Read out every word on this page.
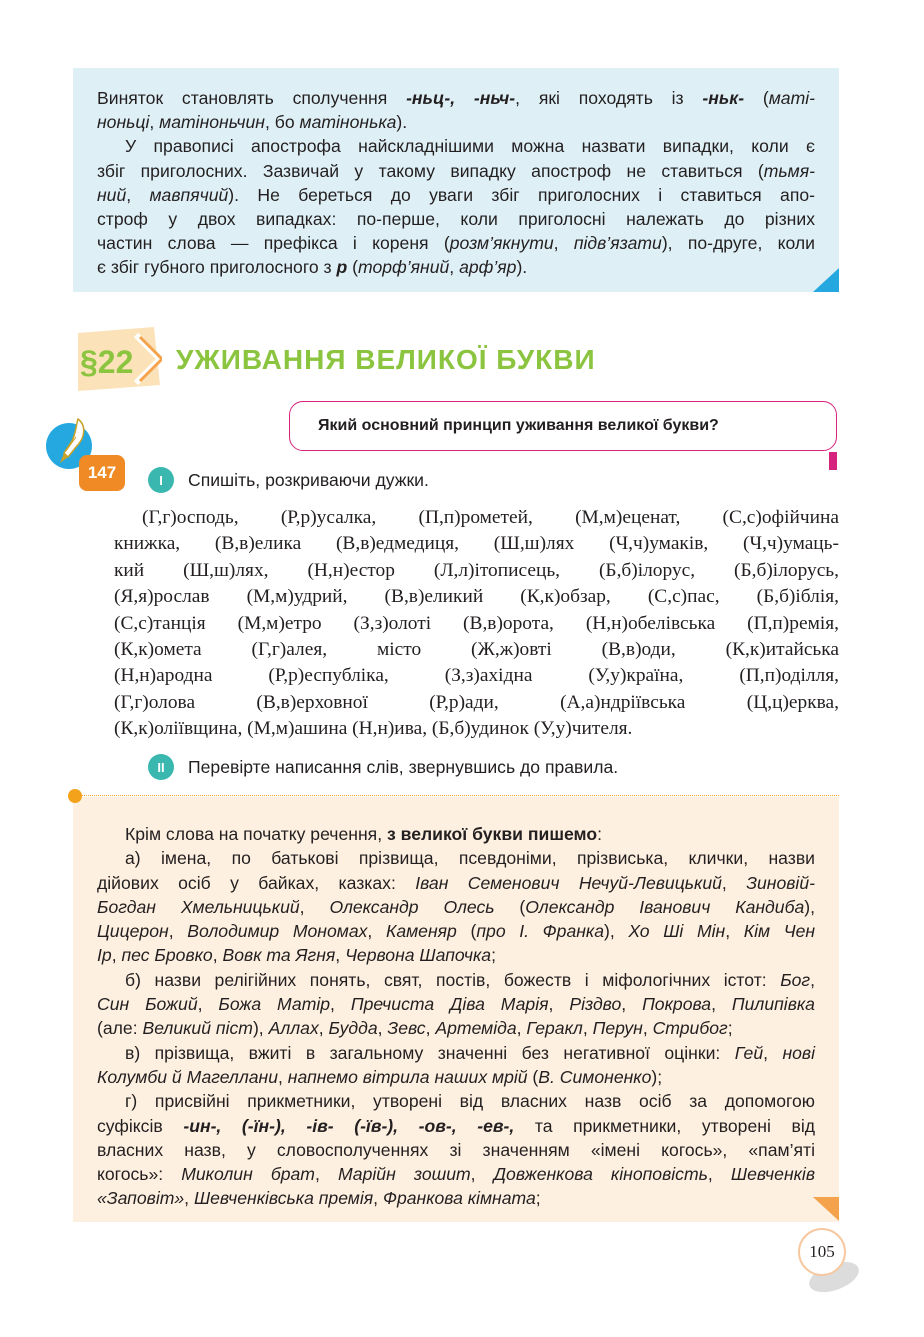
Виняток становлять сполучення -ньц-, -ньч-, які походять із -ньк- (маті-

ноньці, матіноньчин, бо матінонька).

У правописі апострофа найскладнішими можна назвати випадки, коли є

збіг приголосних. Зазвичай у такому випадку апостроф не ставиться (тьмя-

ний, мавпячий). Не береться до уваги збіг приголосних і ставиться апо-

строф у двох випадках: по-перше, коли приголосні належать до різних

частин слова — префікса і кореня (розм’якнути, підв’язати), по-друге, коли

є збіг губного приголосного з р (торф’яний, арф’яр).

§22 УЖИВАННЯ ВЕЛИКОЇ БУКВИ
Який основний принцип уживання великої букви?
147	I	Спишіть, розкриваючи дужки.
(Г,г)осподь, (Р,р)усалка, (П,п)рометей, (М,м)еценат, (С,с)офійчина
книжка, (В,в)елика (В,в)едмедиця, (Ш,ш)лях (Ч,ч)умаків, (Ч,ч)умаць-
кий (Ш,ш)лях, (Н,н)естор (Л,л)ітописець, (Б,б)ілорус, (Б,б)ілорусь,
(Я,я)рослав (М,м)удрий, (В,в)еликий (К,к)обзар, (С,с)пас, (Б,б)іблія,
(С,с)танція (М,м)етро (З,з)олоті (В,в)орота, (Н,н)обелівська (П,п)ремія,
(К,к)омета (Г,г)алея, місто (Ж,ж)овті (В,в)оди, (К,к)итайська
(Н,н)ародна (Р,р)еспубліка, (З,з)ахідна (У,у)країна, (П,п)оділля,
(Г,г)олова (В,в)ерховної (Р,р)ади, (А,а)ндріївська (Ц,ц)ерква,
(К,к)оліївщина, (М,м)ашина (Н,н)ива, (Б,б)удинок (У,у)чителя.
II	Перевірте написання слів, звернувшись до правила.

Крім слова на початку речення, з великої букви пишемо:

а) імена, по батькові прізвища, псевдоніми, прізвиська, клички, назви

дійових осіб у байках, казках: Іван Семенович Нечуй-Левицький, Зиновій-

Богдан Хмельницький, Олександр Олесь (Олександр Іванович Кандиба),

Цицерон, Володимир Мономах, Каменяр (про І. Франка), Хо Ші Мін, Кім Чен

Ір, пес Бровко, Вовк та Ягня, Червона Шапочка;

б) назви релігійних понять, свят, постів, божеств і міфологічних істот: Бог,

Син Божий, Божа Матір, Пречиста Діва Марія, Різдво, Покрова, Пилипівка

(але: Великий піст), Аллах, Будда, Зевс, Артеміда, Геракл, Перун, Стрибог;

в) прізвища, вжиті в загальному значенні без негативної оцінки: Гей, нові

Колумби й Магеллани, напнемо вітрила наших мрій (В. Симоненко);

г) присвійні прикметники, утворені від власних назв осіб за допомогою

суфіксів -ин-, (-їн-), -ів- (-їв-), -ов-, -ев-, та прикметники, утворені від

власних назв, у словосполученнях зі значенням «імені когось», «пам’яті

когось»: Миколин брат, Марійн зошит, Довженкова кіноповість, Шевченків

«Заповіт», Шевченківська премія, Франкова кімната;

105
